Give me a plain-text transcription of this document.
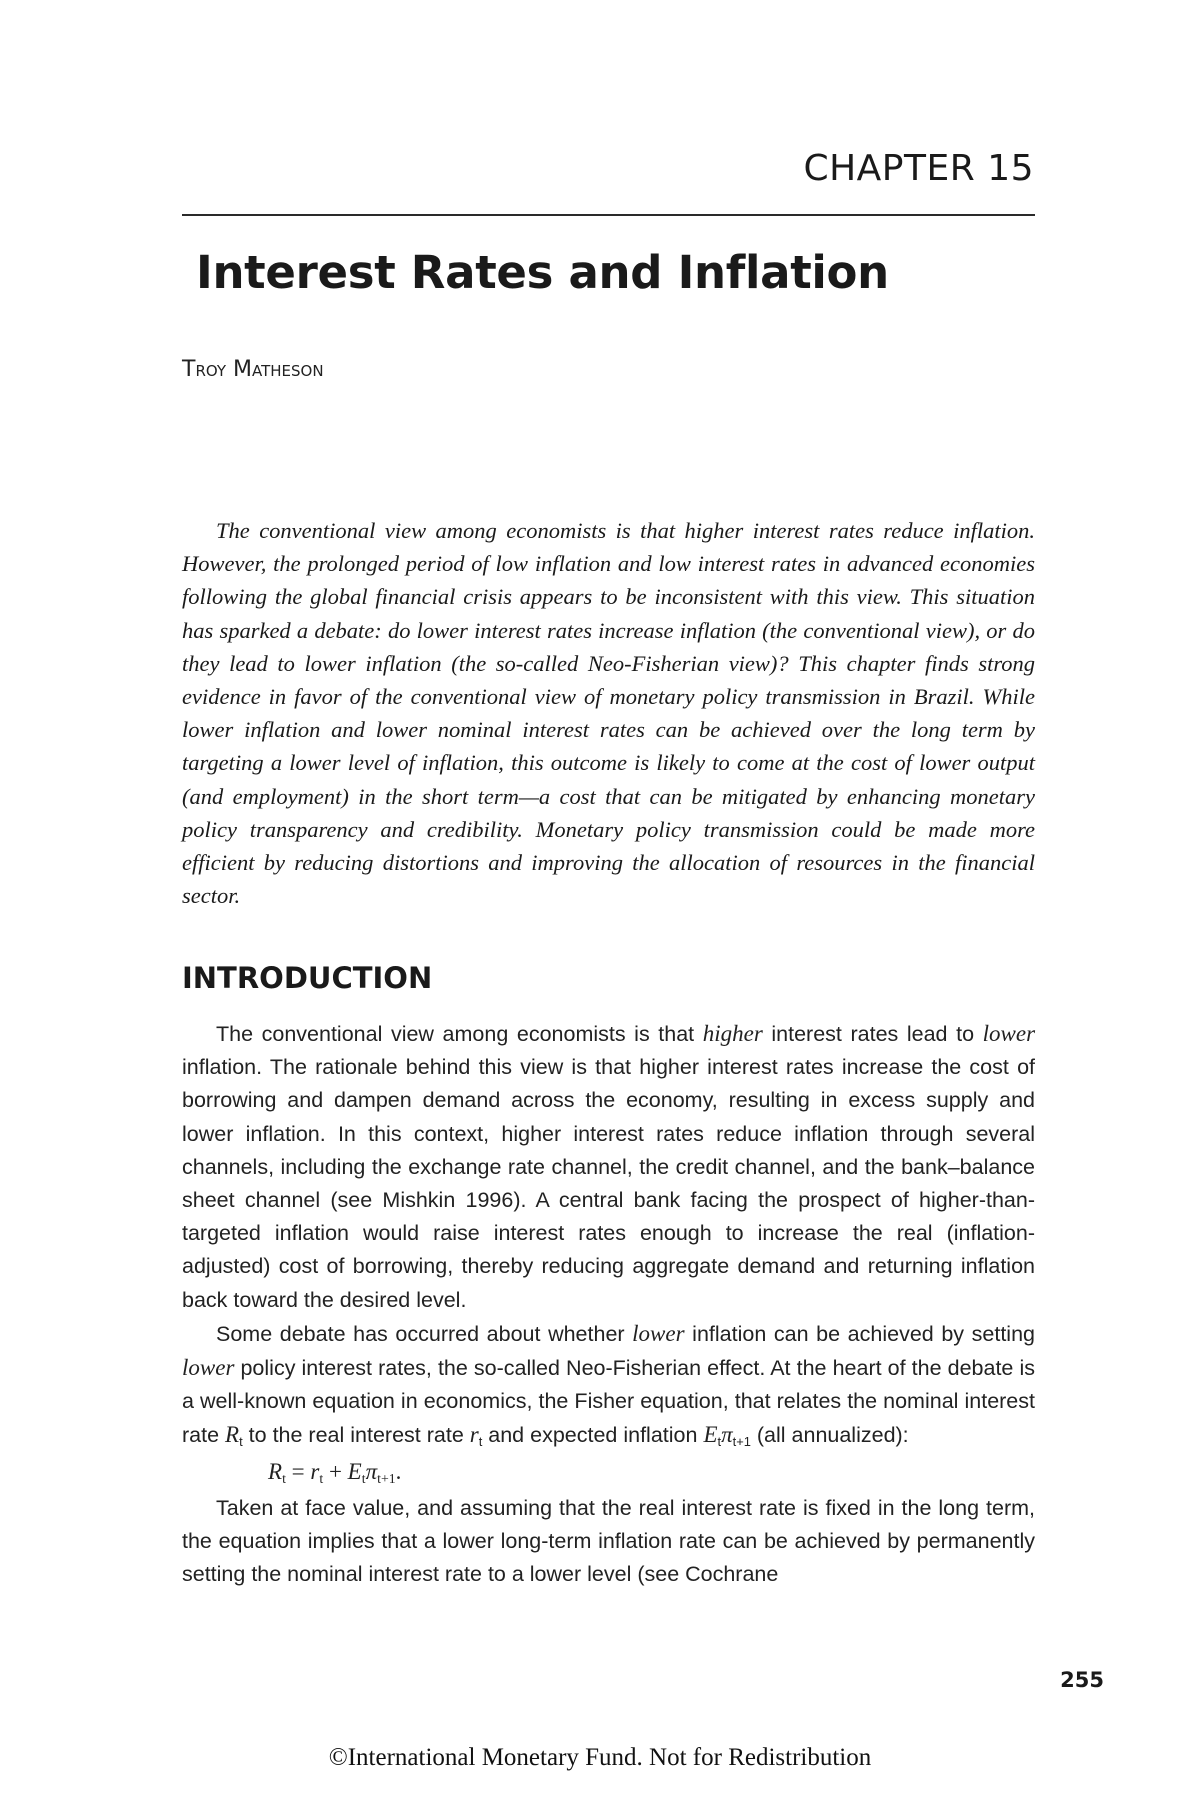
CHAPTER 15
Interest Rates and Inflation

Troy Matheson

The conventional view among economists is that higher interest rates reduce inflation. However, the prolonged period of low inflation and low interest rates in advanced economies following the global financial crisis appears to be inconsistent with this view. This situation has sparked a debate: do lower interest rates increase inflation (the conventional view), or do they lead to lower inflation (the so-called Neo-Fisherian view)? This chapter finds strong evidence in favor of the conventional view of monetary policy transmission in Brazil. While lower inflation and lower nominal interest rates can be achieved over the long term by targeting a lower level of inflation, this outcome is likely to come at the cost of lower output (and employment) in the short term—a cost that can be mitigated by enhancing monetary policy transparency and credibility. Monetary policy transmission could be made more efficient by reducing distortions and improving the allocation of resources in the financial sector.

INTRODUCTION

The conventional view among economists is that higher interest rates lead to lower inflation. The rationale behind this view is that higher interest rates increase the cost of borrowing and dampen demand across the economy, resulting in excess supply and lower inflation. In this context, higher interest rates reduce inflation through several channels, including the exchange rate channel, the credit channel, and the bank–balance sheet channel (see Mishkin 1996). A central bank facing the prospect of higher-than-targeted inflation would raise interest rates enough to increase the real (inflation-adjusted) cost of borrowing, thereby reducing aggregate demand and returning inflation back toward the desired level.

Some debate has occurred about whether lower inflation can be achieved by setting lower policy interest rates, the so-called Neo-Fisherian effect. At the heart of the debate is a well-known equation in economics, the Fisher equation, that relates the nominal interest rate $R_t$ to the real interest rate $r_t$ and expected inflation $E_t\pi_{t+1}$ (all annualized):

$R_t = r_t + E_t\pi_{t+1}$.

Taken at face value, and assuming that the real interest rate is fixed in the long term, the equation implies that a lower long-term inflation rate can be achieved by permanently setting the nominal interest rate to a lower level (see Cochrane

255

©International Monetary Fund. Not for Redistribution
